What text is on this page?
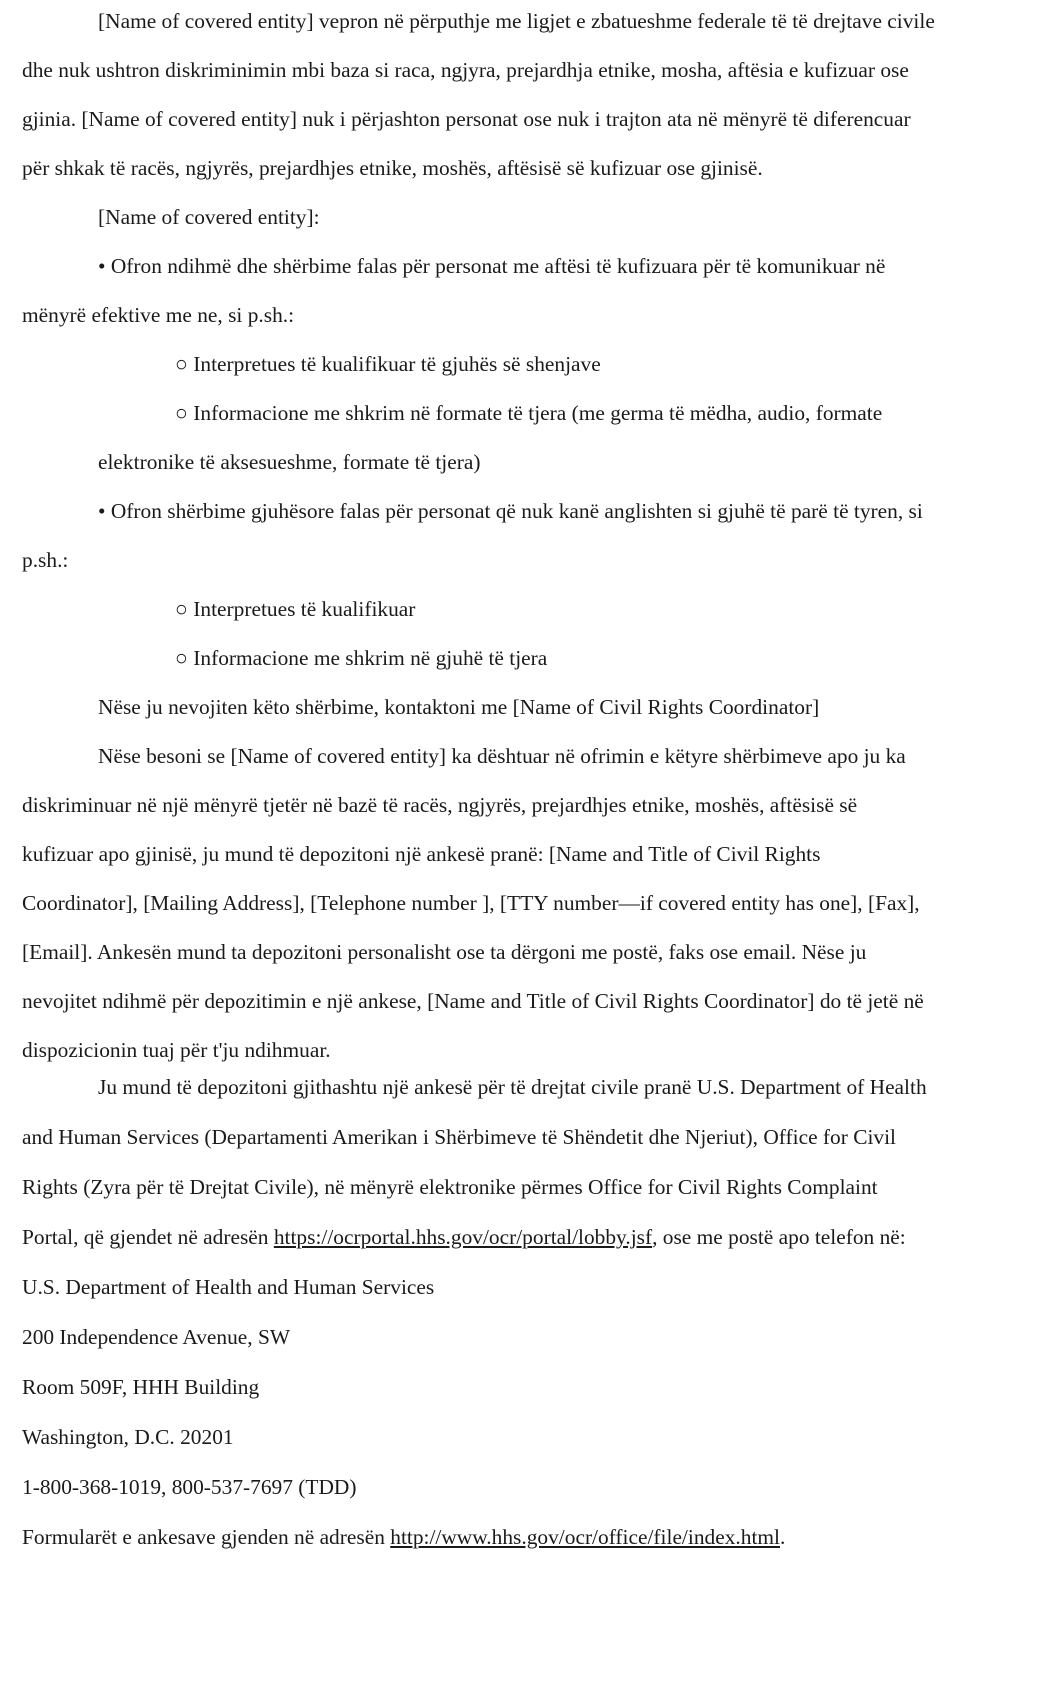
[Name of covered entity] vepron në përputhje me ligjet e zbatueshme federale të të drejtave civile
dhe nuk ushtron diskriminimin mbi baza si raca, ngjyra, prejardhja etnike, mosha, aftësia e kufizuar ose
gjinia. [Name of covered entity] nuk i përjashton personat ose nuk i trajton ata në mënyrë të diferencuar
për shkak të racës, ngjyrës, prejardhjes etnike, moshës, aftësisë së kufizuar ose gjinisë.
[Name of covered entity]:
• Ofron ndihmë dhe shërbime falas për personat me aftësi të kufizuara për të komunikuar në
mënyrë efektive me ne, si p.sh.:
○ Interpretues të kualifikuar të gjuhës së shenjave
○ Informacione me shkrim në formate të tjera (me germa të mëdha, audio, formate
elektronike të aksesueshme, formate të tjera)
• Ofron shërbime gjuhësore falas për personat që nuk kanë anglishten si gjuhë të parë të tyren, si
p.sh.:
○ Interpretues të kualifikuar
○ Informacione me shkrim në gjuhë të tjera
Nëse ju nevojiten këto shërbime, kontaktoni me [Name of Civil Rights Coordinator]
Nëse besoni se [Name of covered entity] ka dështuar në ofrimin e këtyre shërbimeve apo ju ka
diskriminuar në një mënyrë tjetër në bazë të racës, ngjyrës, prejardhjes etnike, moshës, aftësisë së
kufizuar apo gjinisë, ju mund të depozitoni një ankesë pranë: [Name and Title of Civil Rights
Coordinator], [Mailing Address], [Telephone number ], [TTY number—if covered entity has one], [Fax],
[Email]. Ankesën mund ta depozitoni personalisht ose ta dërgoni me postë, faks ose email. Nëse ju
nevojitet ndihmë për depozitimin e një ankese, [Name and Title of Civil Rights Coordinator] do të jetë në
dispozicionin tuaj për t'ju ndihmuar.
Ju mund të depozitoni gjithashtu një ankesë për të drejtat civile pranë U.S. Department of Health
and Human Services (Departamenti Amerikan i Shërbimeve të Shëndetit dhe Njeriut), Office for Civil
Rights (Zyra për të Drejtat Civile), në mënyrë elektronike përmes Office for Civil Rights Complaint
Portal, që gjendet në adresën https://ocrportal.hhs.gov/ocr/portal/lobby.jsf, ose me postë apo telefon në:
U.S. Department of Health and Human Services
200 Independence Avenue, SW
Room 509F, HHH Building
Washington, D.C. 20201
1-800-368-1019, 800-537-7697 (TDD)
Formularët e ankesave gjenden në adresën http://www.hhs.gov/ocr/office/file/index.html.
